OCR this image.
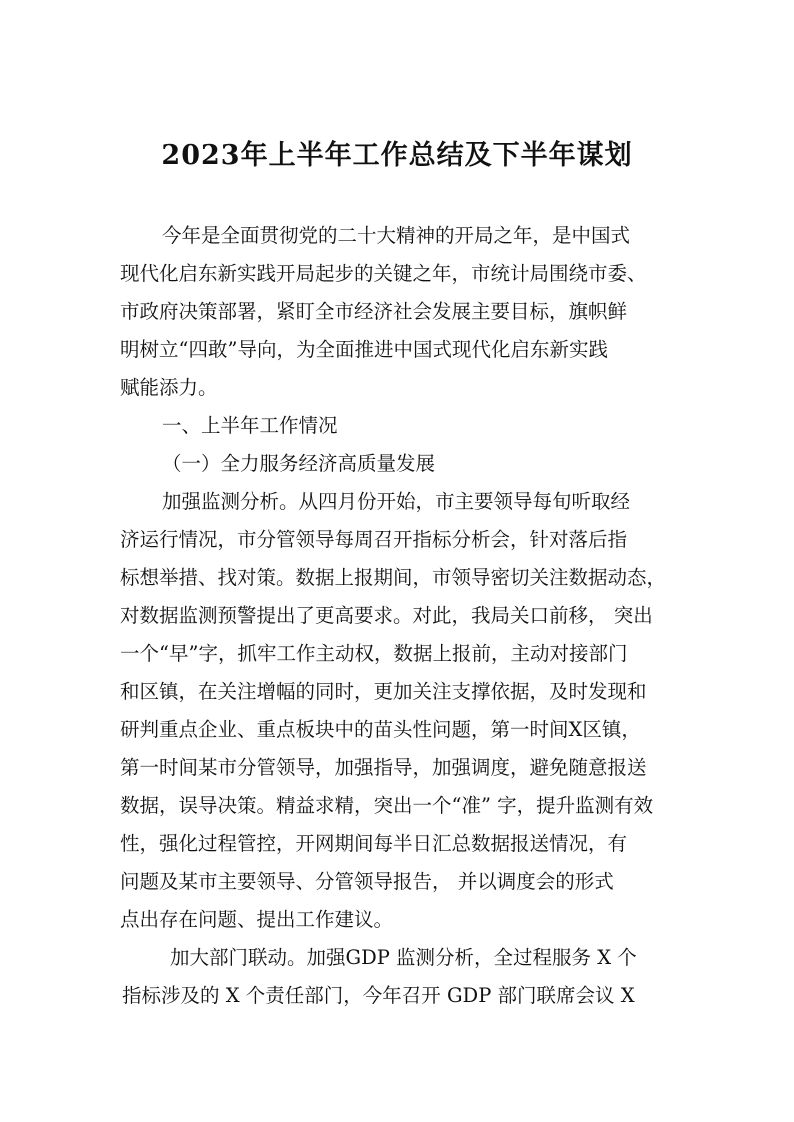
2023年上半年工作总结及下半年谋划
今年是全面贯彻党的二十大精神的开局之年，是中国式
现代化启东新实践开局起步的关键之年，市统计局围绕市委、
市政府决策部署，紧盯全市经济社会发展主要目标，旗帜鲜
明树立“四敢”导向，为全面推进中国式现代化启东新实践
赋能添力。
一、上半年工作情况
（一）全力服务经济高质量发展
加强监测分析。从四月份开始，市主要领导每旬听取经
济运行情况，市分管领导每周召开指标分析会，针对落后指
标想举措、找对策。数据上报期间，市领导密切关注数据动态，
对数据监测预警提出了更高要求。对此，我局关口前移， 突出
一个“早”字，抓牢工作主动权，数据上报前，主动对接部门
和区镇，在关注增幅的同时，更加关注支撑依据，及时发现和
研判重点企业、重点板块中的苗头性问题，第一时间X区镇，
第一时间某市分管领导，加强指导，加强调度，避免随意报送
数据，误导决策。精益求精，突出一个“准” 字，提升监测有效
性，强化过程管控，开网期间每半日汇总数据报送情况，有
问题及某市主要领导、分管领导报告， 并以调度会的形式
点出存在问题、提出工作建议。
加大部门联动。加强GDP 监测分析，全过程服务 X 个
指标涉及的 X 个责任部门，今年召开 GDP 部门联席会议 X
